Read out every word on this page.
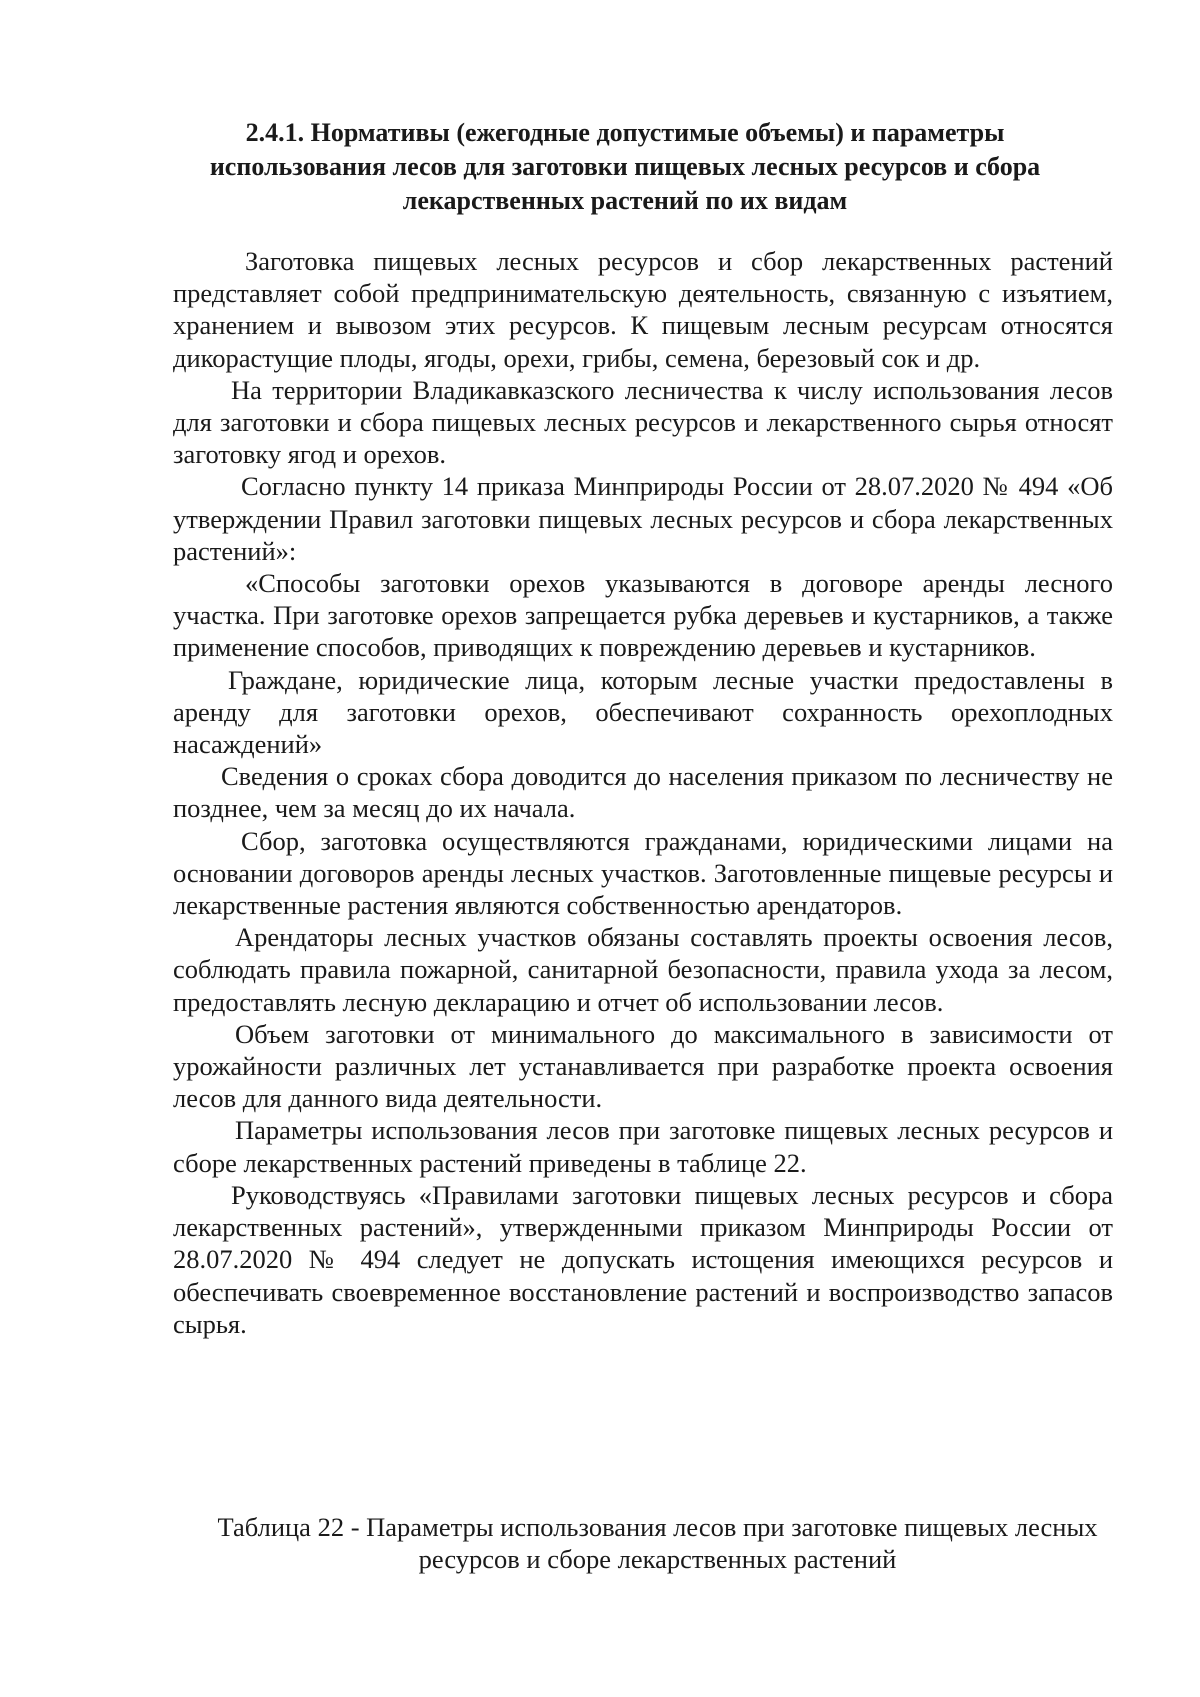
2.4.1. Нормативы (ежегодные допустимые объемы) и параметры
использования лесов для заготовки пищевых лесных ресурсов и сбора
лекарственных растений по их видам

Заготовка пищевых лесных ресурсов и сбор лекарственных растений представляет собой предпринимательскую деятельность, связанную с изъятием, хранением и вывозом этих ресурсов. К пищевым лесным ресурсам относятся дикорастущие плоды, ягоды, орехи, грибы, семена, березовый сок и др.

На территории Владикавказского лесничества к числу использования лесов для заготовки и сбора пищевых лесных ресурсов и лекарственного сырья относят заготовку ягод и орехов.

Согласно пункту 14 приказа Минприроды России от 28.07.2020 № 494 «Об утверждении Правил заготовки пищевых лесных ресурсов и сбора лекарственных растений»:

«Способы заготовки орехов указываются в договоре аренды лесного участка. При заготовке орехов запрещается рубка деревьев и кустарников, а также применение способов, приводящих к повреждению деревьев и кустарников.

Граждане, юридические лица, которым лесные участки предоставлены в аренду для заготовки орехов, обеспечивают сохранность орехоплодных насаждений»

Сведения о сроках сбора доводится до населения приказом по лесничеству не позднее, чем за месяц до их начала.

Сбор, заготовка осуществляются гражданами, юридическими лицами на основании договоров аренды лесных участков. Заготовленные пищевые ресурсы и лекарственные растения являются собственностью арендаторов.

Арендаторы лесных участков обязаны составлять проекты освоения лесов, соблюдать правила пожарной, санитарной безопасности, правила ухода за лесом, предоставлять лесную декларацию и отчет об использовании лесов.

Объем заготовки от минимального до максимального в зависимости от урожайности различных лет устанавливается при разработке проекта освоения лесов для данного вида деятельности.

Параметры использования лесов при заготовке пищевых лесных ресурсов и сборе лекарственных растений приведены в таблице 22.

Руководствуясь «Правилами заготовки пищевых лесных ресурсов и сбора лекарственных растений», утвержденными приказом Минприроды России от 28.07.2020 № 494 следует не допускать истощения имеющихся ресурсов и обеспечивать своевременное восстановление растений и воспроизводство запасов сырья.

Таблица 22 - Параметры использования лесов при заготовке пищевых лесных
ресурсов и сборе лекарственных растений
